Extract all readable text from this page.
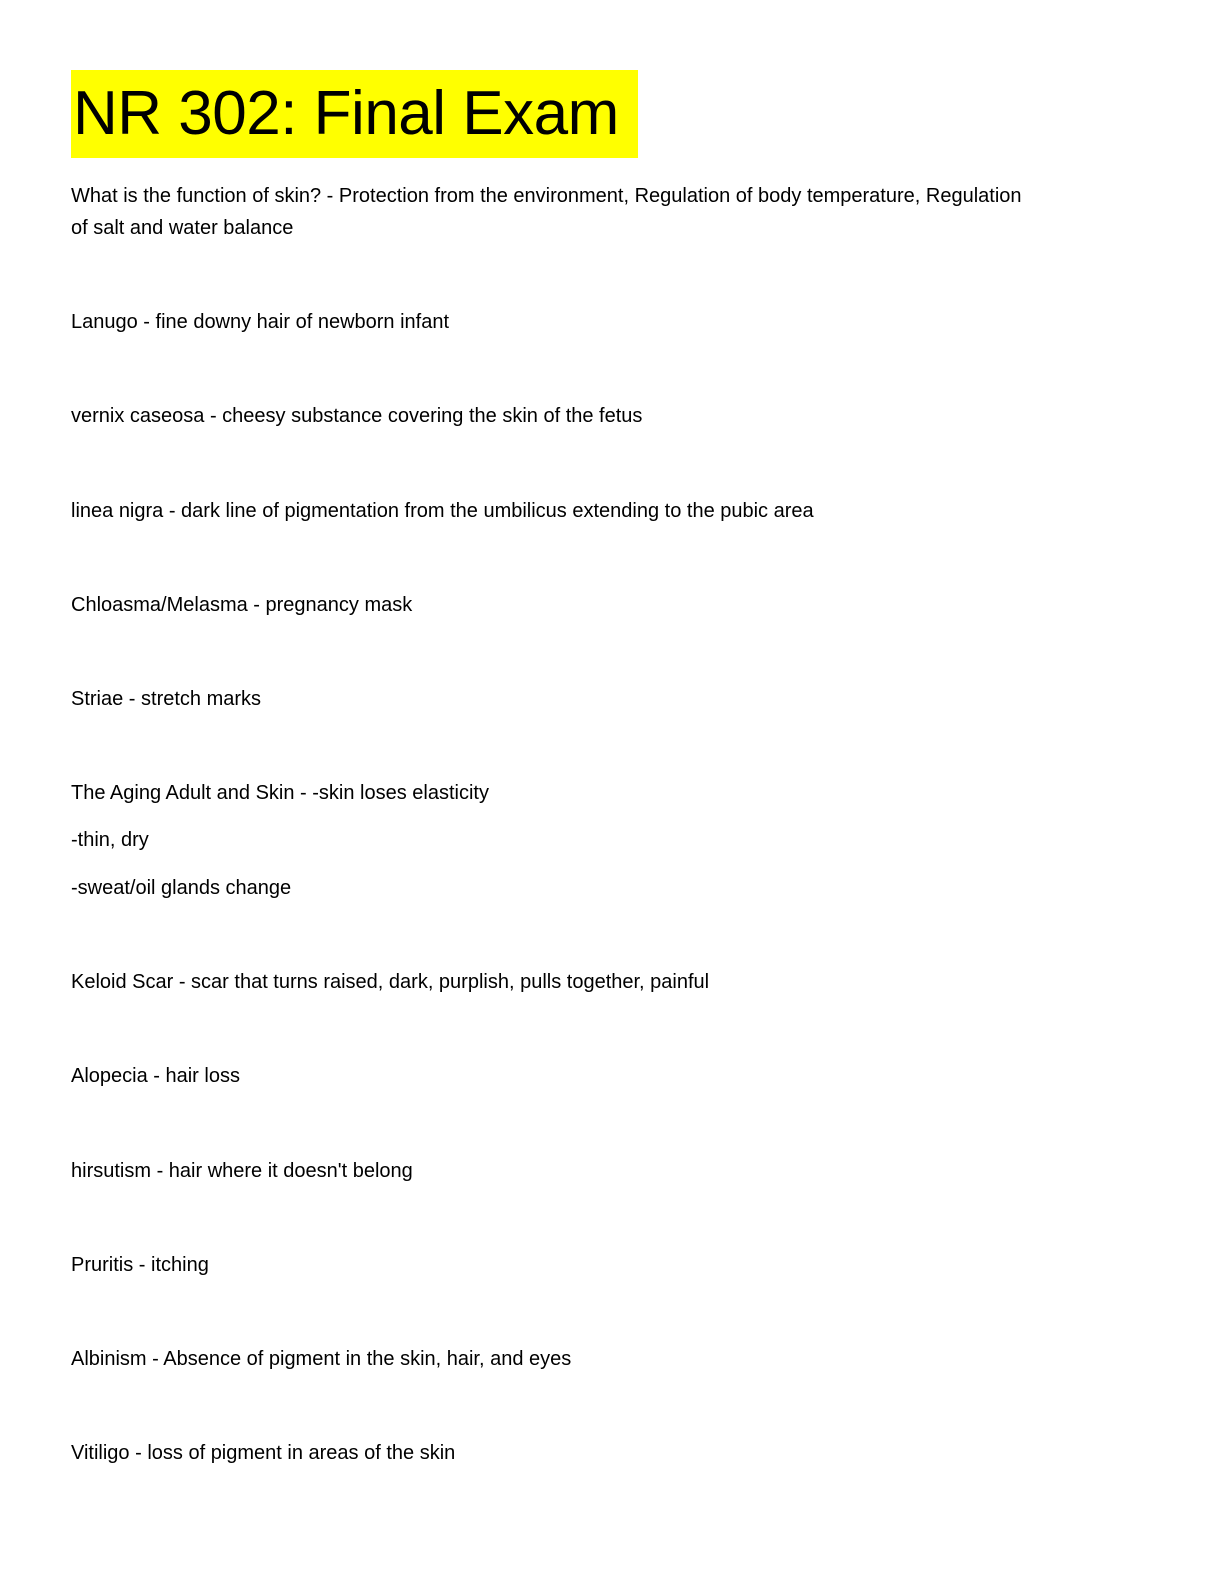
NR 302: Final Exam

What is the function of skin? - Protection from the environment, Regulation of body temperature, Regulation

of salt and water balance

Lanugo - fine downy hair of newborn infant

vernix caseosa - cheesy substance covering the skin of the fetus

linea nigra - dark line of pigmentation from the umbilicus extending to the pubic area

Chloasma/Melasma - pregnancy mask

Striae - stretch marks

The Aging Adult and Skin - -skin loses elasticity

-thin, dry

-sweat/oil glands change

Keloid Scar - scar that turns raised, dark, purplish, pulls together, painful

Alopecia - hair loss

hirsutism - hair where it doesn't belong

Pruritis - itching

Albinism - Absence of pigment in the skin, hair, and eyes

Vitiligo - loss of pigment in areas of the skin
